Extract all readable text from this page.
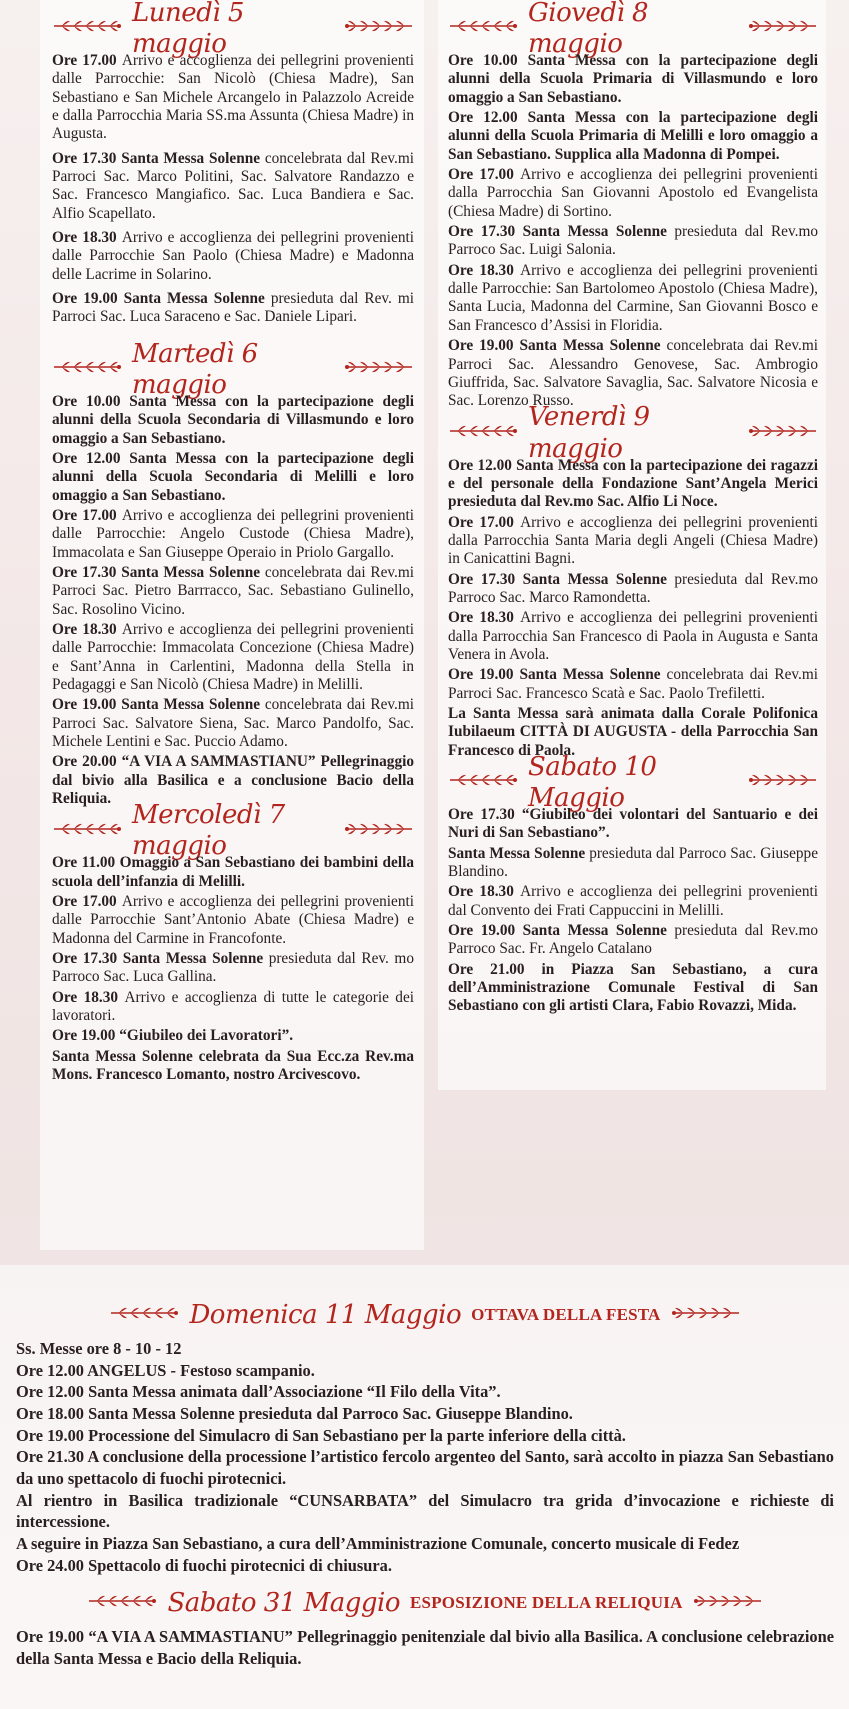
Lunedì 5 maggio
Ore 17.00 Arrivo e accoglienza dei pellegrini provenienti dalle Parrocchie: San Nicolò (Chiesa Madre), San Sebastiano e San Michele Arcangelo in Palazzolo Acreide e dalla Parrocchia Maria SS.ma Assunta (Chiesa Madre) in Augusta.
Ore 17.30 Santa Messa Solenne concelebrata dal Rev.mi Parroci Sac. Marco Politini, Sac. Salvatore Randazzo e Sac. Francesco Mangiafico. Sac. Luca Bandiera e Sac. Alfio Scapellato.
Ore 18.30 Arrivo e accoglienza dei pellegrini provenienti dalle Parrocchie San Paolo (Chiesa Madre) e Madonna delle Lacrime in Solarino.
Ore 19.00 Santa Messa Solenne presieduta dal Rev. mi Parroci Sac. Luca Saraceno e Sac. Daniele Lipari.
Martedì 6 maggio
Ore 10.00 Santa Messa con la partecipazione degli alunni della Scuola Secondaria di Villasmundo e loro omaggio a San Sebastiano.
Ore 12.00 Santa Messa con la partecipazione degli alunni della Scuola Secondaria di Melilli e loro omaggio a San Sebastiano.
Ore 17.00 Arrivo e accoglienza dei pellegrini provenienti dalle Parrocchie: Angelo Custode (Chiesa Madre), Immacolata e San Giuseppe Operaio in Priolo Gargallo.
Ore 17.30 Santa Messa Solenne concelebrata dai Rev.mi Parroci Sac. Pietro Barrracco, Sac. Sebastiano Gulinello, Sac. Rosolino Vicino.
Ore 18.30 Arrivo e accoglienza dei pellegrini provenienti dalle Parrocchie: Immacolata Concezione (Chiesa Madre) e Sant’Anna in Carlentini, Madonna della Stella in Pedagaggi e San Nicolò (Chiesa Madre) in Melilli.
Ore 19.00 Santa Messa Solenne concelebrata dai Rev.mi Parroci Sac. Salvatore Siena, Sac. Marco Pandolfo, Sac. Michele Lentini e Sac. Puccio Adamo.
Ore 20.00 “A VIA A SAMMASTIANU” Pellegrinaggio dal bivio alla Basilica e a conclusione Bacio della Reliquia.
Mercoledì 7 maggio
Ore 11.00 Omaggio a San Sebastiano dei bambini della scuola dell’infanzia di Melilli.
Ore 17.00 Arrivo e accoglienza dei pellegrini provenienti dalle Parrocchie Sant’Antonio Abate (Chiesa Madre) e Madonna del Carmine in Francofonte.
Ore 17.30 Santa Messa Solenne presieduta dal Rev. mo Parroco Sac. Luca Gallina.
Ore 18.30 Arrivo e accoglienza di tutte le categorie dei lavoratori.
Ore 19.00 “Giubileo dei Lavoratori”.
Santa Messa Solenne celebrata da Sua Ecc.za Rev.ma Mons. Francesco Lomanto, nostro Arcivescovo.
Giovedì 8 maggio
Ore 10.00 Santa Messa con la partecipazione degli alunni della Scuola Primaria di Villasmundo e loro omaggio a San Sebastiano.
Ore 12.00 Santa Messa con la partecipazione degli alunni della Scuola Primaria di Melilli e loro omaggio a San Sebastiano. Supplica alla Madonna di Pompei.
Ore 17.00 Arrivo e accoglienza dei pellegrini provenienti dalla Parrocchia San Giovanni Apostolo ed Evangelista (Chiesa Madre) di Sortino.
Ore 17.30 Santa Messa Solenne presieduta dal Rev.mo Parroco Sac. Luigi Salonia.
Ore 18.30 Arrivo e accoglienza dei pellegrini provenienti dalle Parrocchie: San Bartolomeo Apostolo (Chiesa Madre), Santa Lucia, Madonna del Carmine, San Giovanni Bosco e San Francesco d’Assisi in Floridia.
Ore 19.00 Santa Messa Solenne concelebrata dai Rev.mi Parroci Sac. Alessandro Genovese, Sac. Ambrogio Giuffrida, Sac. Salvatore Savaglia, Sac. Salvatore Nicosia e Sac. Lorenzo Russo.
Venerdì 9 maggio
Ore 12.00 Santa Messa con la partecipazione dei ragazzi e del personale della Fondazione Sant’Angela Merici presieduta dal Rev.mo Sac. Alfio Li Noce.
Ore 17.00 Arrivo e accoglienza dei pellegrini provenienti dalla Parrocchia Santa Maria degli Angeli (Chiesa Madre) in Canicattini Bagni.
Ore 17.30 Santa Messa Solenne presieduta dal Rev.mo Parroco Sac. Marco Ramondetta.
Ore 18.30 Arrivo e accoglienza dei pellegrini provenienti dalla Parrocchia San Francesco di Paola in Augusta e Santa Venera in Avola.
Ore 19.00 Santa Messa Solenne concelebrata dai Rev.mi Parroci Sac. Francesco Scatà e Sac. Paolo Trefiletti.
La Santa Messa sarà animata dalla Corale Polifonica Iubilaeum CITTÀ DI AUGUSTA - della Parrocchia San Francesco di Paola.
Sabato 10 Maggio
Ore 17.30 “Giubileo dei volontari del Santuario e dei Nuri di San Sebastiano”.
Santa Messa Solenne presieduta dal Parroco Sac. Giuseppe Blandino.
Ore 18.30 Arrivo e accoglienza dei pellegrini provenienti dal Convento dei Frati Cappuccini in Melilli.
Ore 19.00 Santa Messa Solenne presieduta dal Rev.mo Parroco Sac. Fr. Angelo Catalano
Ore 21.00 in Piazza San Sebastiano, a cura dell’Amministrazione Comunale Festival di San Sebastiano con gli artisti Clara, Fabio Rovazzi, Mida.
Domenica 11 Maggio OTTAVA DELLA FESTA
Ss. Messe ore 8 - 10 - 12
Ore 12.00 ANGELUS - Festoso scampanio.
Ore 12.00 Santa Messa animata dall’Associazione “Il Filo della Vita”.
Ore 18.00 Santa Messa Solenne presieduta dal Parroco Sac. Giuseppe Blandino.
Ore 19.00 Processione del Simulacro di San Sebastiano per la parte inferiore della città.
Ore 21.30 A conclusione della processione l’artistico fercolo argenteo del Santo, sarà accolto in piazza San Sebastiano da uno spettacolo di fuochi pirotecnici.
Al rientro in Basilica tradizionale “CUNSARBATA” del Simulacro tra grida d’invocazione e richieste di intercessione.
A seguire in Piazza San Sebastiano, a cura dell’Amministrazione Comunale, concerto musicale di Fedez
Ore 24.00 Spettacolo di fuochi pirotecnici di chiusura.
Sabato 31 Maggio ESPOSIZIONE DELLA RELIQUIA
Ore 19.00 “A VIA A SAMMASTIANU” Pellegrinaggio penitenziale dal bivio alla Basilica. A conclusione celebrazione della Santa Messa e Bacio della Reliquia.
